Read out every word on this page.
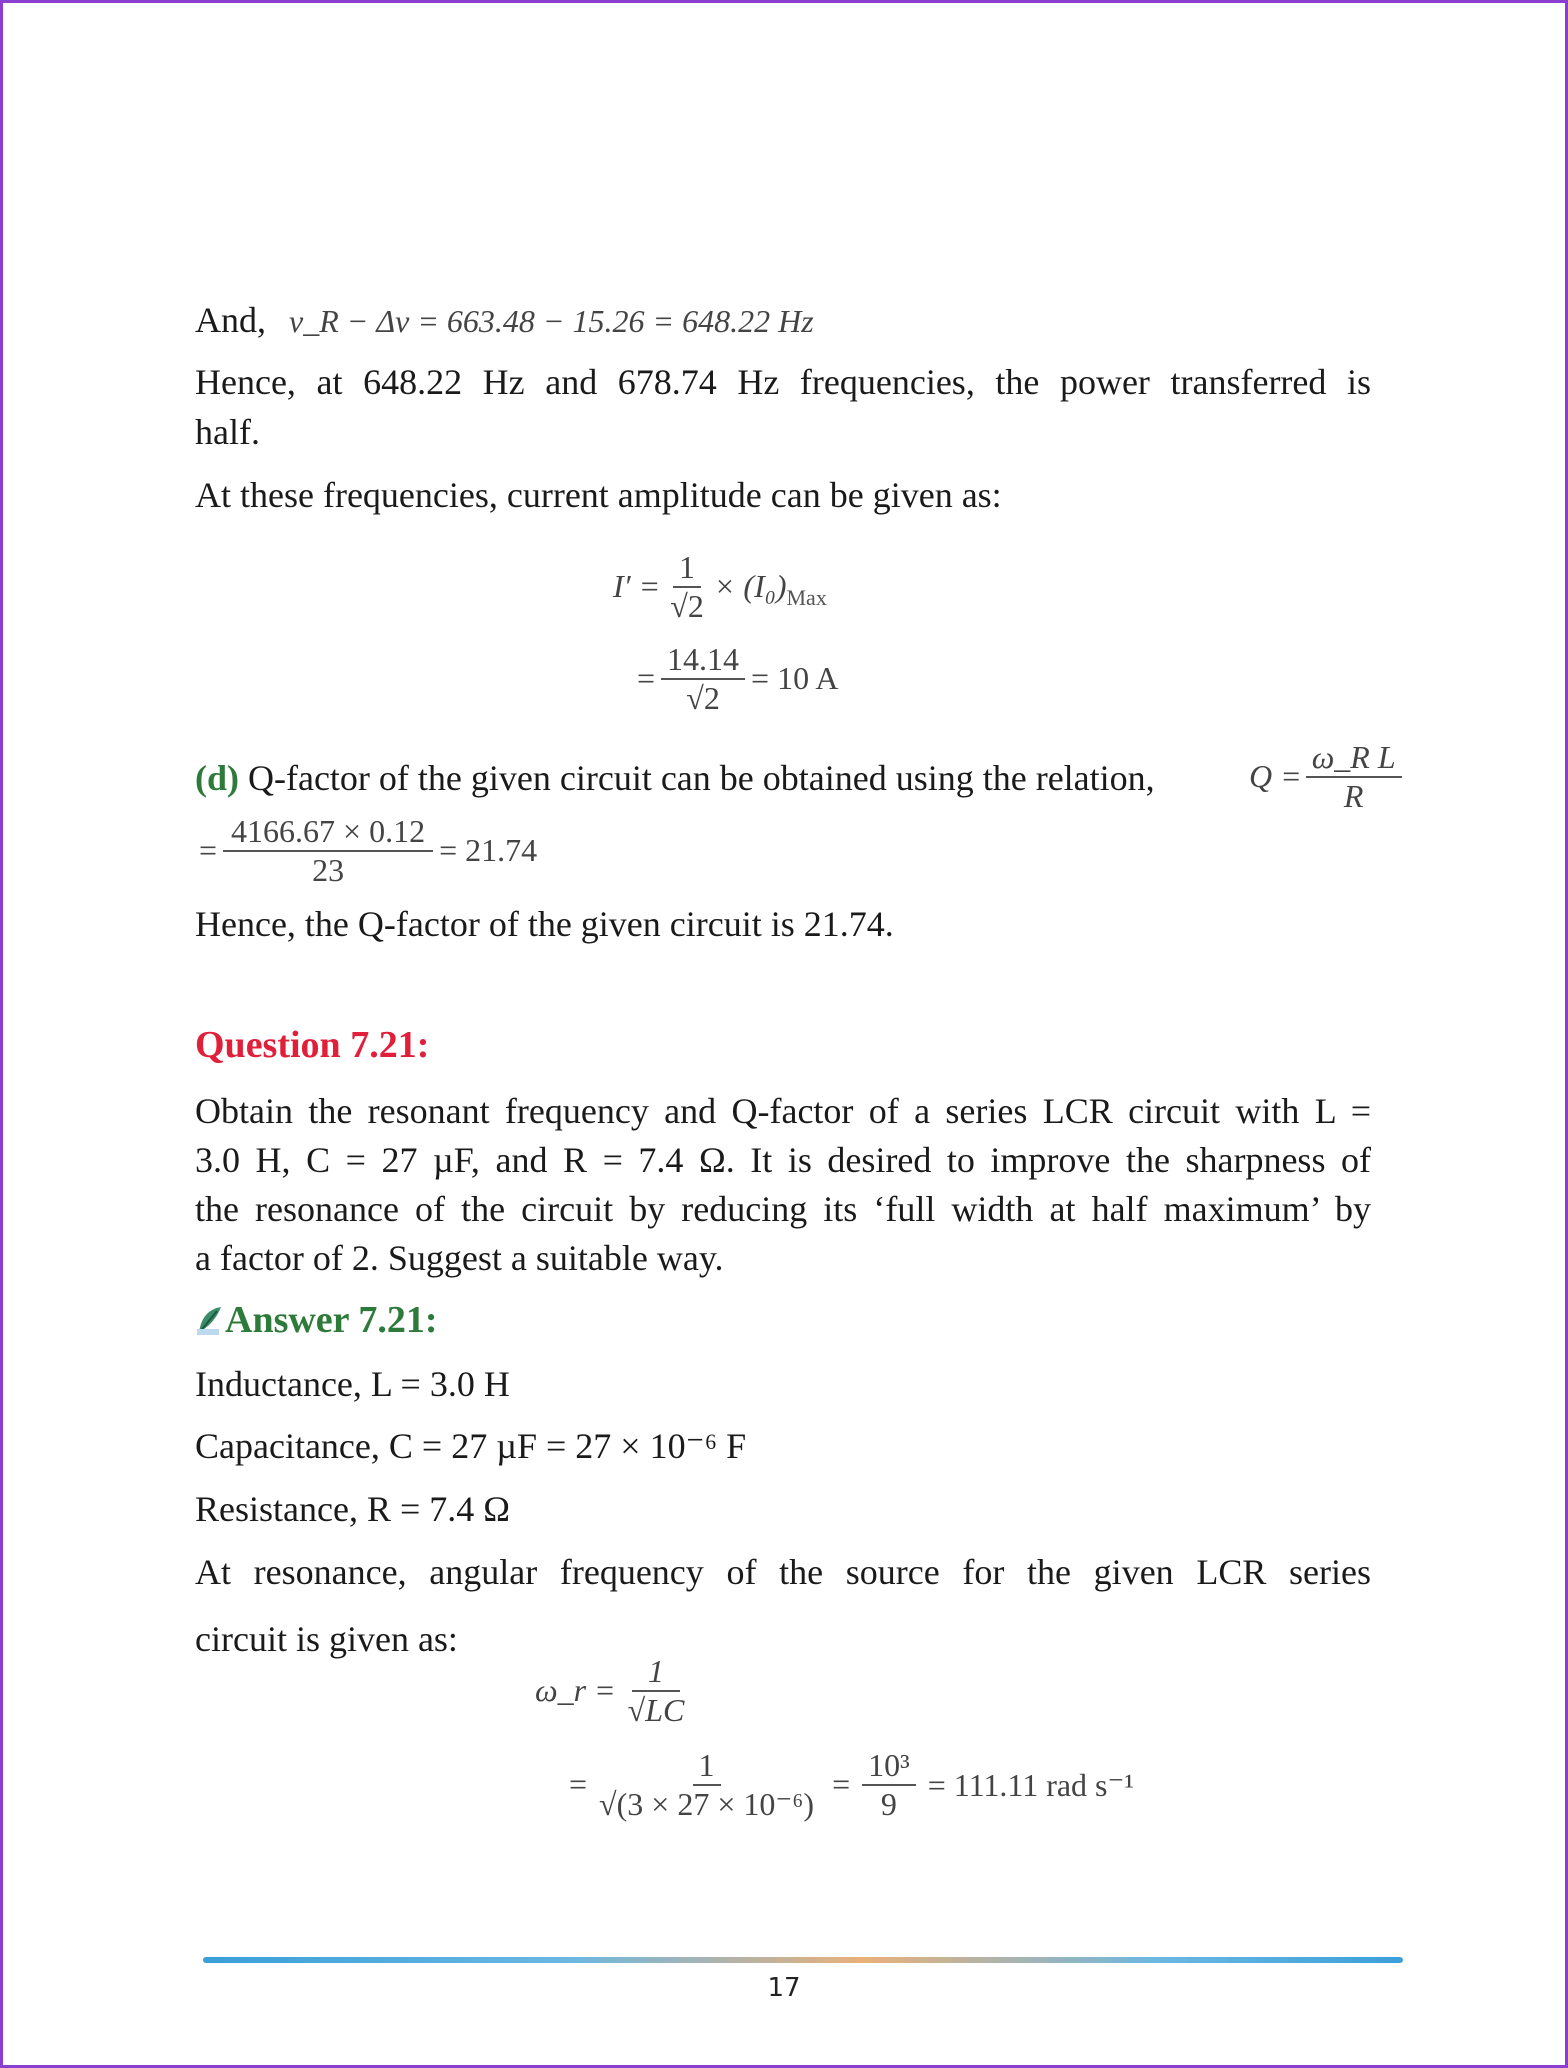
And, ν_R − Δν = 663.48 − 15.26 = 648.22 Hz
Hence, at 648.22 Hz and 678.74 Hz frequencies, the power transferred is
half.
At these frequencies, current amplitude can be given as:
$I' = \frac{1}{√2} \times (I_0)$ Max
= $\frac{14.14}{√2} = 10$ A
(d) Q-factor of the given circuit can be obtained using the relation,	$Q = \frac{\text{ω\_R L}}{R}$
= $\frac{4166.67 \times 0.12}{23} = 21.74$
Hence, the Q-factor of the given circuit is 21.74.
Question 7.21:
Obtain the resonant frequency and Q-factor of a series LCR circuit with L =
3.0 H, C = 27 µF, and R = 7.4 Ω. It is desired to improve the sharpness of
the resonance of the circuit by reducing its ‘full width at half maximum’ by
a factor of 2. Suggest a suitable way.
Answer 7.21:
Inductance, L = 3.0 H
Capacitance, C = 27 µF = 27 × 10⁻⁶ F
Resistance, R = 7.4 Ω
At resonance, angular frequency of the source for the given LCR series
circuit is given as:
ω_r = $\frac{1}{√LC}$
= $\frac{1}{\text{√(3 × 27 × 10⁻⁶)}} = \frac{\text{10³}}{9} = 111.11$ rad s⁻¹
17
